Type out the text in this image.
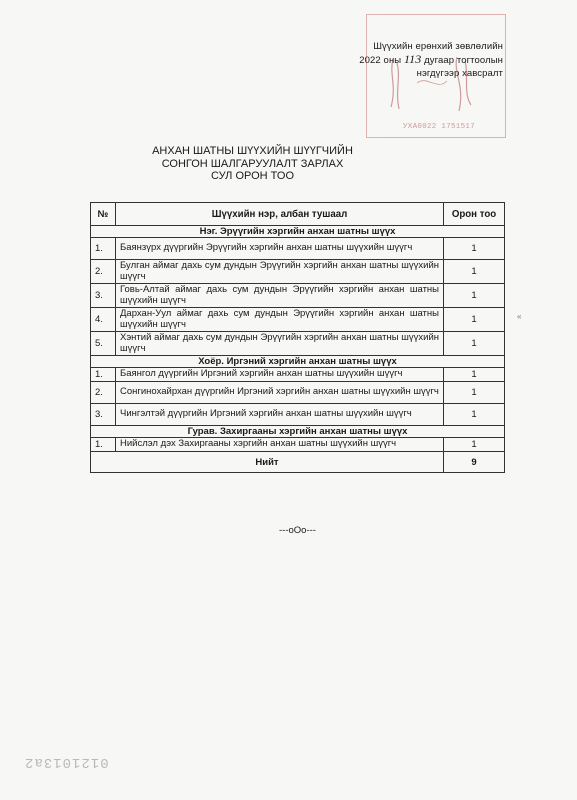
УХА0022 1751517
Шүүхийн ерөнхий зөвлөлийн
2022 оны 113 дугаар тогтоолын
нэгдүгээр хавсралт
АНХАН ШАТНЫ ШҮҮХИЙН ШҮҮГЧИЙН
СОНГОН ШАЛГАРУУЛАЛТ ЗАРЛАХ
СУЛ ОРОН ТОО
«
№	Шүүхийн нэр, албан тушаал	Орон тоо
Нэг. Эрүүгийн хэргийн анхан шатны шүүх		
1.	Баянзүрх дүүргийн Эрүүгийн хэргийн анхан шатны шүүхийн шүүгч	1
2.	Булган аймаг дахь сум дундын Эрүүгийн хэргийн анхан шатны шүүхийн шүүгч	1
3.	Говь-Алтай аймаг дахь сум дундын Эрүүгийн хэргийн анхан шатны шүүхийн шүүгч	1
4.	Дархан-Уул аймаг дахь сум дундын Эрүүгийн хэргийн анхан шатны шүүхийн шүүгч	1
5.	Хэнтий аймаг дахь сум дундын Эрүүгийн хэргийн анхан шатны шүүхийн шүүгч	1
Хоёр. Иргэний хэргийн анхан шатны шүүх		
1.	Баянгол дүүргийн Иргэний хэргийн анхан шатны шүүхийн шүүгч	1
2.	Сонгинохайрхан дүүргийн Иргэний хэргийн анхан шатны шүүхийн шүүгч	1
3.	Чингэлтэй дүүргийн Иргэний хэргийн анхан шатны шүүхийн шүүгч	1
Гурав. Захиргааны хэргийн анхан шатны шүүх		
1.	Нийслэл дэх Захиргааны хэргийн анхан шатны шүүхийн шүүгч	1
Нийт		9
---oOo---
0121013a2
